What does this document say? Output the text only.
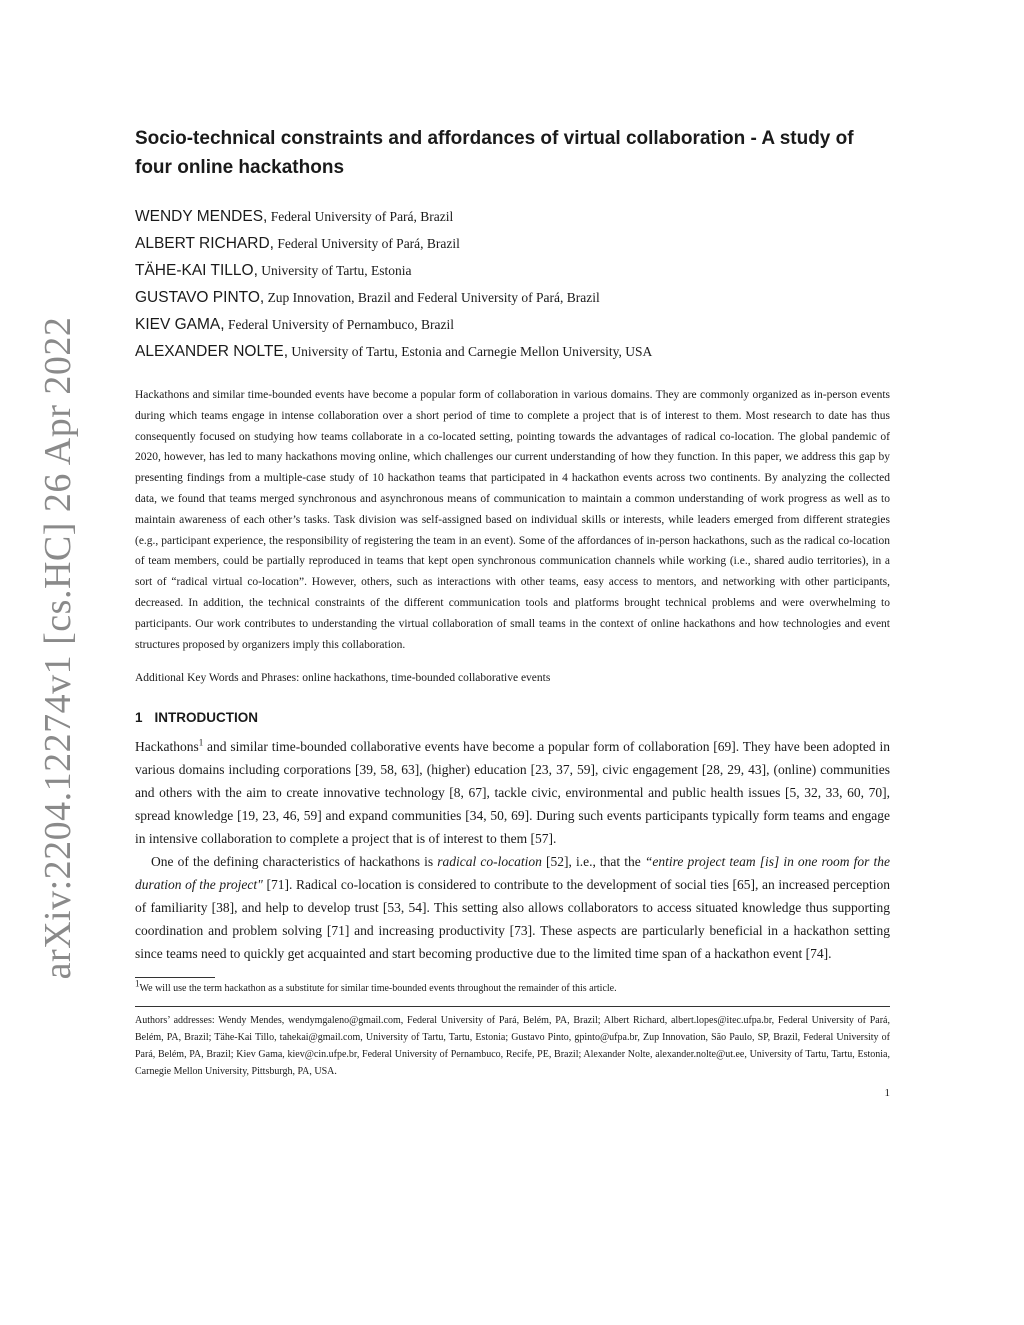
arXiv:2204.12274v1 [cs.HC] 26 Apr 2022
Socio-technical constraints and affordances of virtual collaboration - A study of four online hackathons
WENDY MENDES, Federal University of Pará, Brazil
ALBERT RICHARD, Federal University of Pará, Brazil
TÄHE-KAI TILLO, University of Tartu, Estonia
GUSTAVO PINTO, Zup Innovation, Brazil and Federal University of Pará, Brazil
KIEV GAMA, Federal University of Pernambuco, Brazil
ALEXANDER NOLTE, University of Tartu, Estonia and Carnegie Mellon University, USA

Hackathons and similar time-bounded events have become a popular form of collaboration in various domains. They are commonly organized as in-person events during which teams engage in intense collaboration over a short period of time to complete a project that is of interest to them. Most research to date has thus consequently focused on studying how teams collaborate in a co-located setting, pointing towards the advantages of radical co-location. The global pandemic of 2020, however, has led to many hackathons moving online, which challenges our current understanding of how they function. In this paper, we address this gap by presenting findings from a multiple-case study of 10 hackathon teams that participated in 4 hackathon events across two continents. By analyzing the collected data, we found that teams merged synchronous and asynchronous means of communication to maintain a common understanding of work progress as well as to maintain awareness of each other’s tasks. Task division was self-assigned based on individual skills or interests, while leaders emerged from different strategies (e.g., participant experience, the responsibility of registering the team in an event). Some of the affordances of in-person hackathons, such as the radical co-location of team members, could be partially reproduced in teams that kept open synchronous communication channels while working (i.e., shared audio territories), in a sort of “radical virtual co-location”. However, others, such as interactions with other teams, easy access to mentors, and networking with other participants, decreased. In addition, the technical constraints of the different communication tools and platforms brought technical problems and were overwhelming to participants. Our work contributes to understanding the virtual collaboration of small teams in the context of online hackathons and how technologies and event structures proposed by organizers imply this collaboration.

Additional Key Words and Phrases: online hackathons, time-bounded collaborative events

1 INTRODUCTION

Hackathons$^1$ and similar time-bounded collaborative events have become a popular form of collaboration [69]. They have been adopted in various domains including corporations [39, 58, 63], (higher) education [23, 37, 59], civic engagement [28, 29, 43], (online) communities and others with the aim to create innovative technology [8, 67], tackle civic, environmental and public health issues [5, 32, 33, 60, 70], spread knowledge [19, 23, 46, 59] and expand communities [34, 50, 69]. During such events participants typically form teams and engage in intensive collaboration to complete a project that is of interest to them [57].

One of the defining characteristics of hackathons is radical co-location [52], i.e., that the “entire project team [is] in one room for the duration of the project" [71]. Radical co-location is considered to contribute to the development of social ties [65], an increased perception of familiarity [38], and help to develop trust [53, 54]. This setting also allows collaborators to access situated knowledge thus supporting coordination and problem solving [71] and increasing productivity [73]. These aspects are particularly beneficial in a hackathon setting since teams need to quickly get acquainted and start becoming productive due to the limited time span of a hackathon event [74].

$^1$We will use the term hackathon as a substitute for similar time-bounded events throughout the remainder of this article.

Authors’ addresses: Wendy Mendes, wendymgaleno@gmail.com, Federal University of Pará, Belém, PA, Brazil; Albert Richard, albert.lopes@itec.ufpa.br, Federal University of Pará, Belém, PA, Brazil; Tähe-Kai Tillo, tahekai@gmail.com, University of Tartu, Tartu, Estonia; Gustavo Pinto, gpinto@ufpa.br, Zup Innovation, São Paulo, SP, Brazil, Federal University of Pará, Belém, PA, Brazil; Kiev Gama, kiev@cin.ufpe.br, Federal University of Pernambuco, Recife, PE, Brazil; Alexander Nolte, alexander.nolte@ut.ee, University of Tartu, Tartu, Estonia, Carnegie Mellon University, Pittsburgh, PA, USA.

1
